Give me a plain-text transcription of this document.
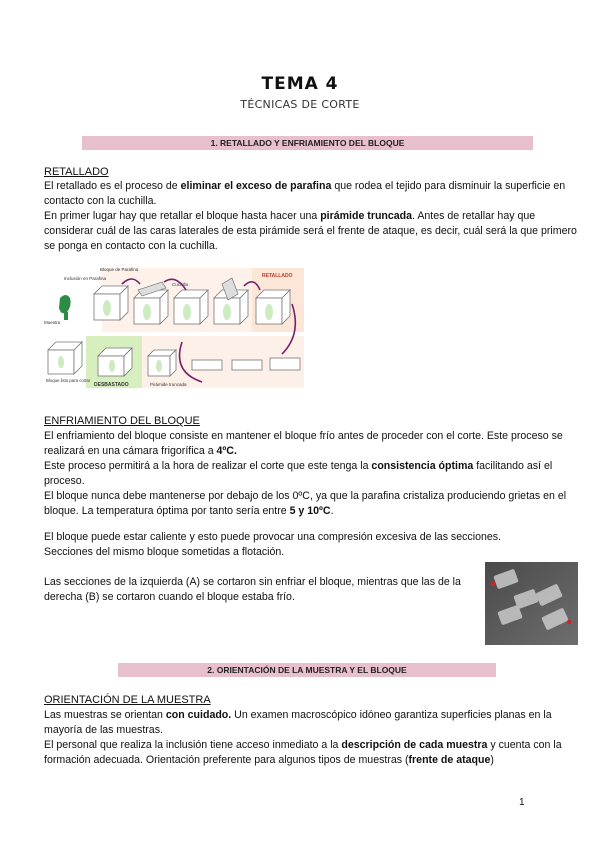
TEMA 4
TÉCNICAS DE CORTE
1. RETALLADO Y ENFRIAMIENTO DEL BLOQUE
RETALLADO
El retallado es el proceso de eliminar el exceso de parafina que rodea el tejido para disminuir la superficie en contacto con la cuchilla.
En primer lugar hay que retallar el bloque hasta hacer una pirámide truncada. Antes de retallar hay que considerar cuál de las caras laterales de esta pirámide será el frente de ataque, es decir, cuál será la que primero se ponga en contacto con la cuchilla.
Inclusión en Parafina
Muestra
Bloque de Parafina
Cuchilla
RETALLADO
Bloque listo para cortar
DESBASTADO	Pirámide truncada
ENFRIAMIENTO DEL BLOQUE
El enfriamiento del bloque consiste en mantener el bloque frío antes de proceder con el corte. Este proceso se realizará en una cámara frigorífica a 4ºC.
Este proceso permitirá a la hora de realizar el corte que este tenga la consistencia óptima facilitando así el proceso.
El bloque nunca debe mantenerse por debajo de los 0ºC, ya que la parafina cristaliza produciendo grietas en el bloque. La temperatura óptima por tanto sería entre 5 y 10ºC.
El bloque puede estar caliente y esto puede provocar una compresión excesiva de las secciones. Secciones del mismo bloque sometidas a flotación.
Las secciones de la izquierda (A) se cortaron sin enfriar el bloque, mientras que las de la derecha (B) se cortaron cuando el bloque estaba frío.
2. ORIENTACIÓN DE LA MUESTRA Y EL BLOQUE
ORIENTACIÓN DE LA MUESTRA
Las muestras se orientan con cuidado. Un examen macroscópico idóneo garantiza superficies planas en la mayoría de las muestras.
El personal que realiza la inclusión tiene acceso inmediato a la descripción de cada muestra y cuenta con la formación adecuada. Orientación preferente para algunos tipos de muestras (frente de ataque)
1
